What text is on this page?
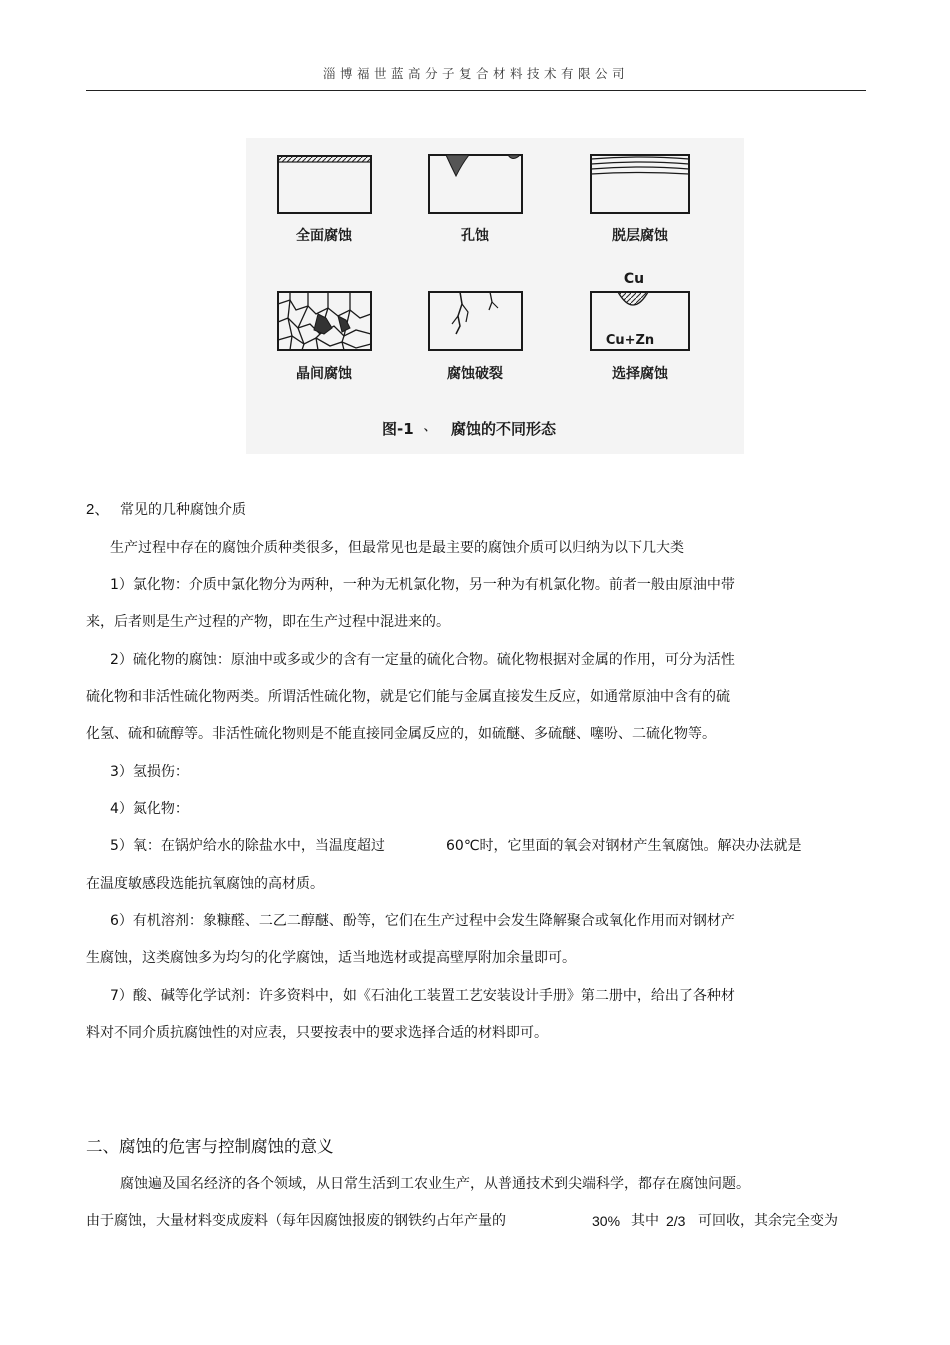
淄博福世蓝高分子复合材料技术有限公司
全面腐蚀	孔蚀	脱层腐蚀
晶间腐蚀	腐蚀破裂	选择腐蚀
Cu
Cu+Zn
图-1 、 腐蚀的不同形态
2、 常见的几种腐蚀介质
生产过程中存在的腐蚀介质种类很多，但最常见也是最主要的腐蚀介质可以归纳为以下几大类
1）氯化物：介质中氯化物分为两种，一种为无机氯化物，另一种为有机氯化物。前者一般由原油中带
来，后者则是生产过程的产物，即在生产过程中混进来的。
2）硫化物的腐蚀：原油中或多或少的含有一定量的硫化合物。硫化物根据对金属的作用，可分为活性
硫化物和非活性硫化物两类。所谓活性硫化物，就是它们能与金属直接发生反应，如通常原油中含有的硫
化氢、硫和硫醇等。非活性硫化物则是不能直接同金属反应的，如硫醚、多硫醚、噻吩、二硫化物等。
3）氢损伤：
4）氮化物：
5）氧：在锅炉给水的除盐水中，当温度超过	60℃时，它里面的氧会对钢材产生氧腐蚀。解决办法就是
在温度敏感段选能抗氧腐蚀的高材质。
6）有机溶剂：象糠醛、二乙二醇醚、酚等，它们在生产过程中会发生降解聚合或氧化作用而对钢材产
生腐蚀，这类腐蚀多为均匀的化学腐蚀，适当地选材或提高壁厚附加余量即可。
7）酸、碱等化学试剂：许多资料中，如《石油化工装置工艺安装设计手册》第二册中，给出了各种材
料对不同介质抗腐蚀性的对应表，只要按表中的要求选择合适的材料即可。
二、腐蚀的危害与控制腐蚀的意义
腐蚀遍及国名经济的各个领域，从日常生活到工农业生产，从普通技术到尖端科学，都存在腐蚀问题。
由于腐蚀，大量材料变成废料（每年因腐蚀报废的钢铁约占年产量的	30% 其中 2/3 可回收，其余完全变为
